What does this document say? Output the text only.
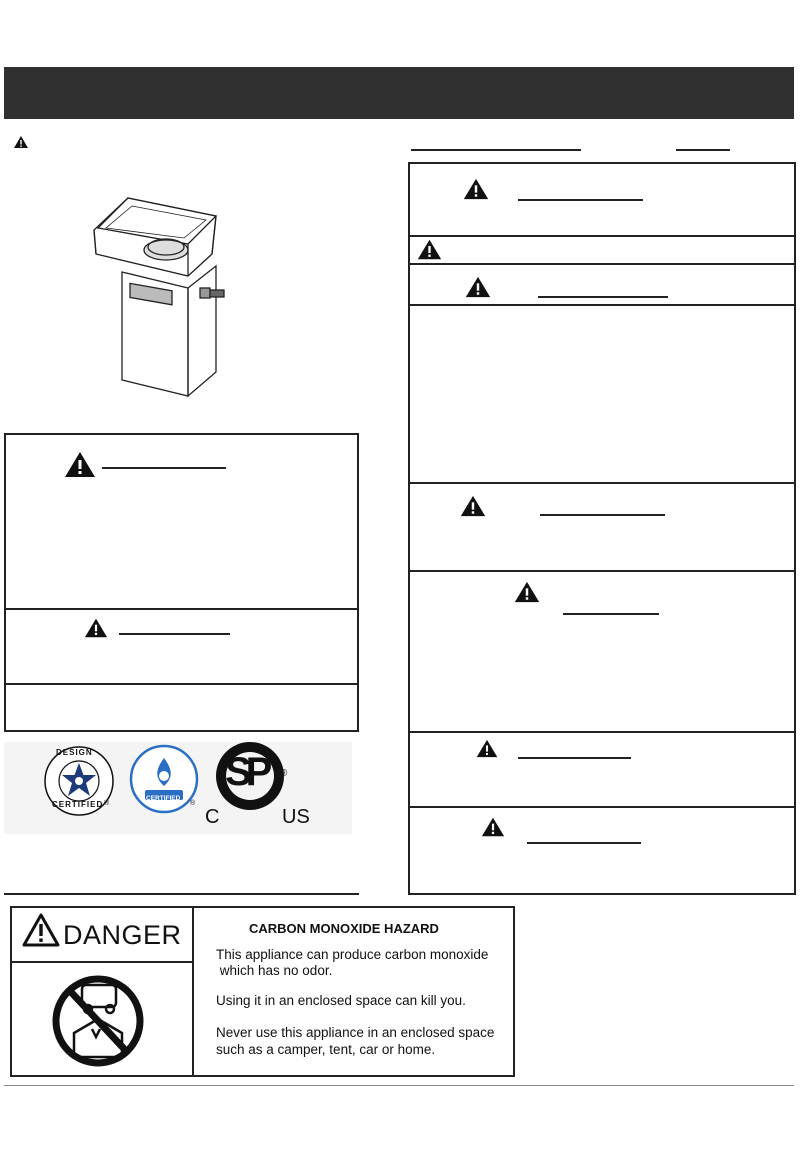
DESIGN
CERTIFIED ®
CERTIFIED
®
SP ®
C	US
DANGER	CARBON MONOXIDE HAZARD
This appliance can produce carbon monoxide
which has no odor.
Using it in an enclosed space can kill you.
Never use this appliance in an enclosed space
such as a camper, tent, car or home.
